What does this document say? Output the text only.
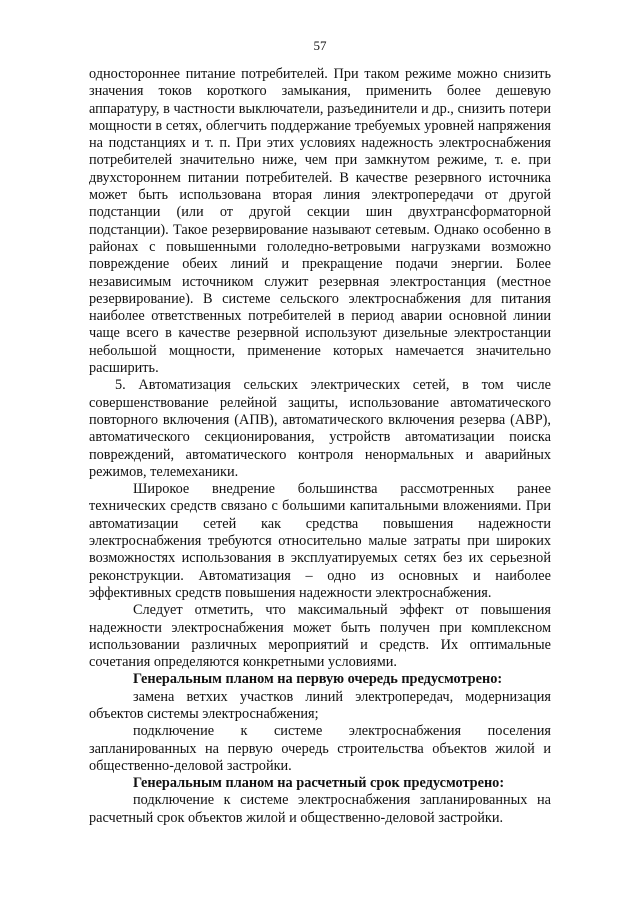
57

одностороннее питание потребителей. При таком режиме можно снизить значения токов короткого замыкания, применить более дешевую аппаратуру, в частности выключатели, разъединители и др., снизить потери мощности в сетях, облегчить поддержание требуемых уровней напряжения на подстанциях и т. п. При этих условиях надежность электроснабжения потребителей значительно ниже, чем при замкнутом режиме, т. е. при двухстороннем питании потребителей. В качестве резервного источника может быть использована вторая линия электропередачи от другой подстанции (или от другой секции шин двухтрансформаторной подстанции). Такое резервирование называют сетевым. Однако особенно в районах с повышенными гололедно-ветровыми нагрузками возможно повреждение обеих линий и прекращение подачи энергии. Более независимым источником служит резервная электростанция (местное резервирование). В системе сельского электроснабжения для питания наиболее ответственных потребителей в период аварии основной линии чаще всего в качестве резервной используют дизельные электростанции небольшой мощности, применение которых намечается значительно расширить.

5. Автоматизация сельских электрических сетей, в том числе совершенствование релейной защиты, использование автоматического повторного включения (АПВ), автоматического включения резерва (АВР), автоматического секционирования, устройств автоматизации поиска повреждений, автоматического контроля ненормальных и аварийных режимов, телемеханики.

Широкое внедрение большинства рассмотренных ранее технических средств связано с большими капитальными вложениями. При автоматизации сетей как средства повышения надежности электроснабжения требуются относительно малые затраты при широких возможностях использования в эксплуатируемых сетях без их серьезной реконструкции. Автоматизация – одно из основных и наиболее эффективных средств повышения надежности электроснабжения.

Следует отметить, что максимальный эффект от повышения надежности электроснабжения может быть получен при комплексном использовании различных мероприятий и средств. Их оптимальные сочетания определяются конкретными условиями.

Генеральным планом на первую очередь предусмотрено:

замена ветхих участков линий электропередач, модернизация объектов системы электроснабжения;

подключение к системе электроснабжения поселения запланированных на первую очередь строительства объектов жилой и общественно-деловой застройки.

Генеральным планом на расчетный срок предусмотрено:

подключение к системе электроснабжения запланированных на расчетный срок объектов жилой и общественно-деловой застройки.
